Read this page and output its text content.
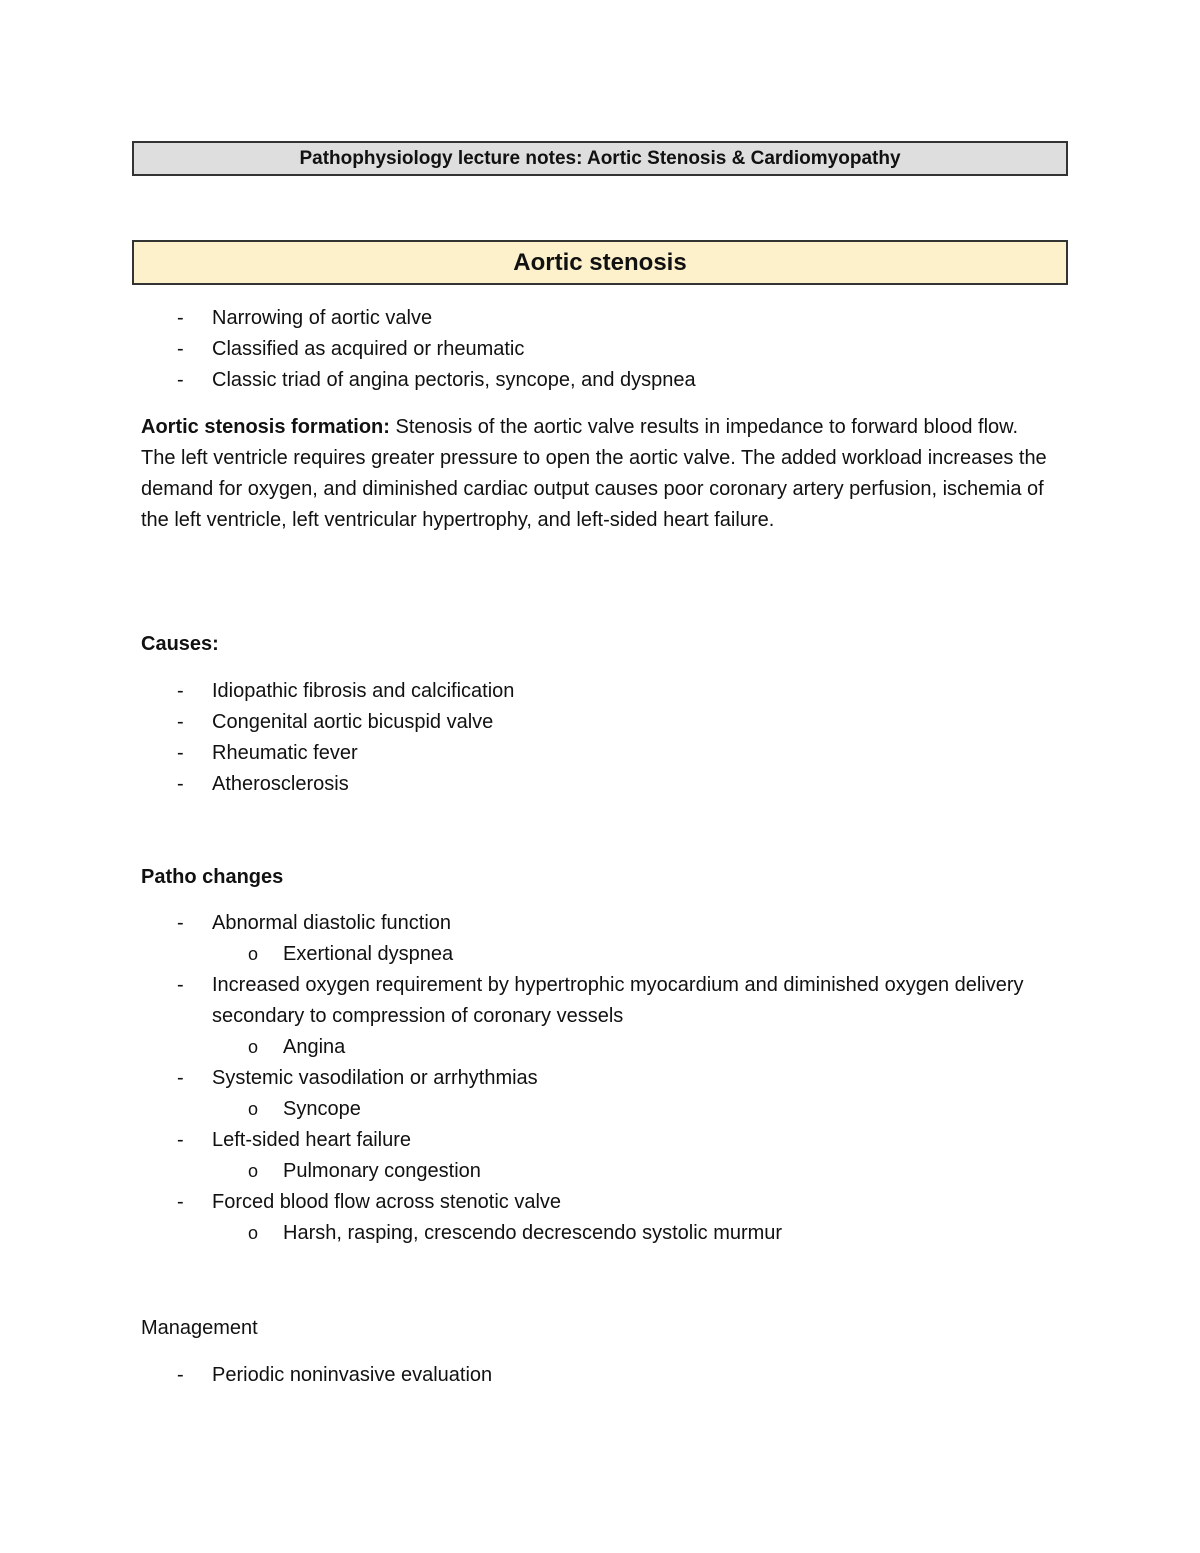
Pathophysiology lecture notes: Aortic Stenosis & Cardiomyopathy
Aortic stenosis
- Narrowing of aortic valve
- Classified as acquired or rheumatic
- Classic triad of angina pectoris, syncope, and dyspnea

Aortic stenosis formation: Stenosis of the aortic valve results in impedance to forward blood flow. The left ventricle requires greater pressure to open the aortic valve. The added workload increases the demand for oxygen, and diminished cardiac output causes poor coronary artery perfusion, ischemia of the left ventricle, left ventricular hypertrophy, and left-sided heart failure.

Causes:
- Idiopathic fibrosis and calcification
- Congenital aortic bicuspid valve
- Rheumatic fever
- Atherosclerosis
Patho changes
- Abnormal diastolic function
o Exertional dyspnea
- Increased oxygen requirement by hypertrophic myocardium and diminished oxygen delivery secondary to compression of coronary vessels
o Angina
- Systemic vasodilation or arrhythmias
o Syncope
- Left-sided heart failure
o Pulmonary congestion
- Forced blood flow across stenotic valve
o Harsh, rasping, crescendo decrescendo systolic murmur
Management
- Periodic noninvasive evaluation
